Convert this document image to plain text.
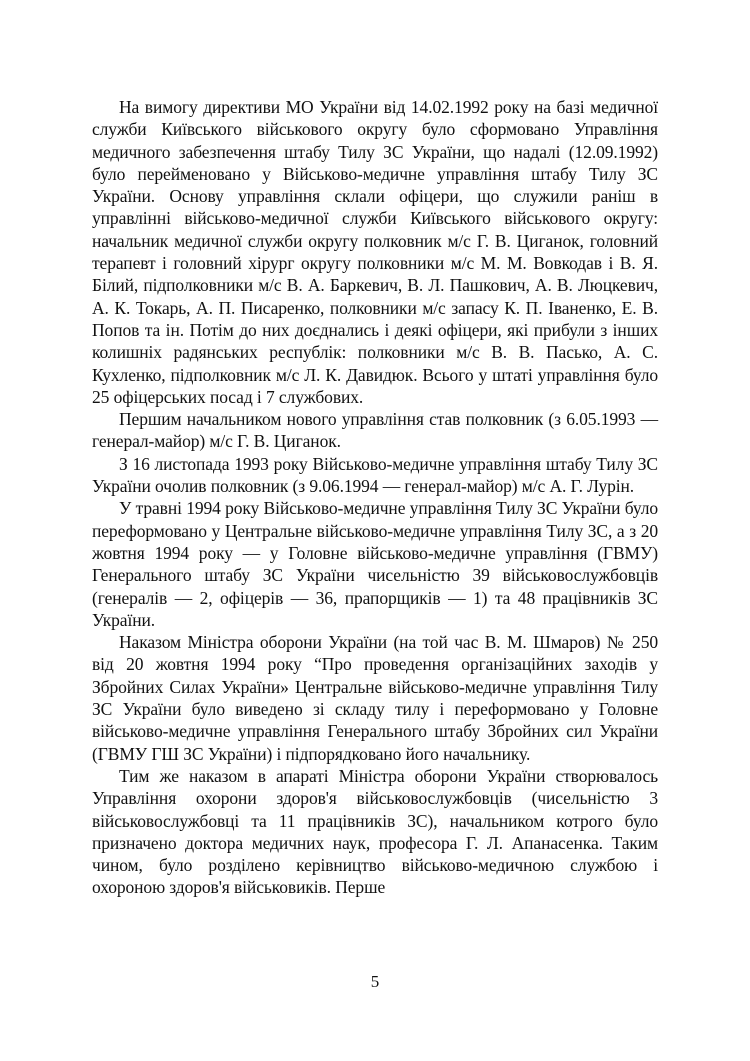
На вимогу директиви МО України від 14.02.1992 року на базі медичної служби Київського військового округу було сформовано Управління медичного забезпечення штабу Тилу ЗС України, що надалі (12.09.1992) було перейменовано у Військово-медичне управління штабу Тилу ЗС України. Основу управління склали офіцери, що служили раніш в управлінні військово-медичної служби Київського військового округу: начальник медичної служби округу полковник м/с Г. В. Циганок, головний терапевт і головний хірург округу полковники м/с М. М. Вовкодав і В. Я. Білий, підполковники м/с В. А. Баркевич, В. Л. Пашкович, А. В. Люцкевич, А. К. Токарь, А. П. Писаренко, полковники м/с запасу К. П. Іваненко, Е. В. Попов та ін. Потім до них доєднались і деякі офіцери, які прибули з інших колишніх радянських республік: полковники м/с В. В. Пасько, А. С. Кухленко, підполковник м/с Л. К. Давидюк. Всього у штаті управління було 25 офіцерських посад і 7 службових.

Першим начальником нового управління став полковник (з 6.05.1993 — генерал-майор) м/с Г. В. Циганок.

З 16 листопада 1993 року Військово-медичне управління штабу Тилу ЗС України очолив полковник (з 9.06.1994 — генерал-майор) м/с А. Г. Лурін.

У травні 1994 року Військово-медичне управління Тилу ЗС України було переформовано у Центральне військово-медичне управління Тилу ЗС, а з 20 жовтня 1994 року — у Головне військово-медичне управління (ГВМУ) Генерального штабу ЗС України чисельністю 39 військовослужбовців (генералів — 2, офіцерів — 36, прапорщиків — 1) та 48 працівників ЗС України.

Наказом Міністра оборони України (на той час В. М. Шмаров) № 250 від 20 жовтня 1994 року “Про проведення організаційних заходів у Збройних Силах України» Центральне військово-медичне управління Тилу ЗС України було виведено зі складу тилу і переформовано у Головне військово-медичне управління Генерального штабу Збройних сил України (ГВМУ ГШ ЗС України) і підпорядковано його начальнику.

Тим же наказом в апараті Міністра оборони України створювалось Управління охорони здоров'я військовослужбовців (чисельністю 3 військовослужбовці та 11 працівників ЗС), начальником котрого було призначено доктора медичних наук, професора Г. Л. Апанасенка. Таким чином, було розділено керівництво військово-медичною службою і охороною здоров'я військовиків. Перше

5
